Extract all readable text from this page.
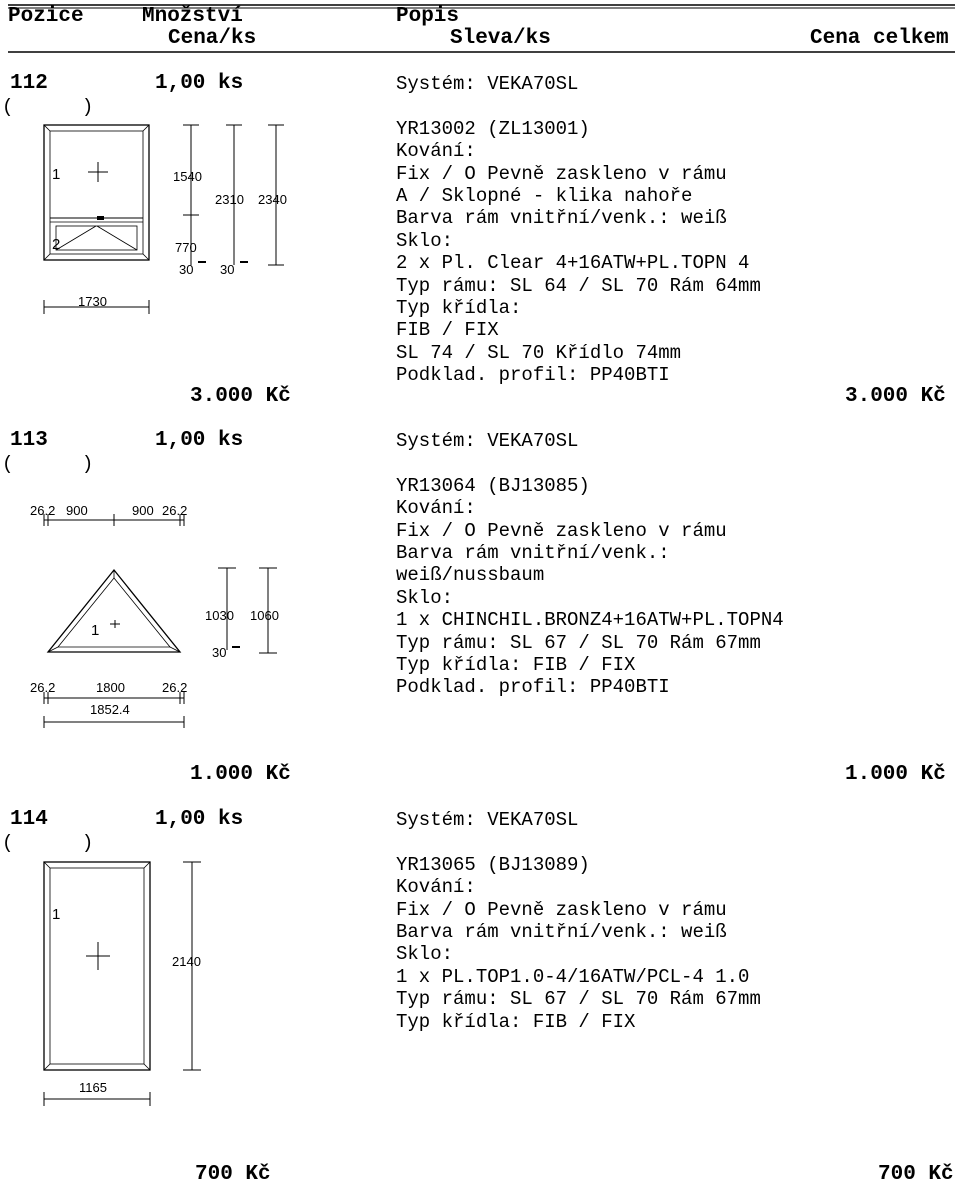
Pozice	Množství	Popis
Cena/ks	Sleva/ks	Cena celkem
112	1,00 ks
(      )
Systém: VEKA70SL

YR13002 (ZL13001)
Kování:
Fix / O Pevně zaskleno v rámu
A / Sklopné - klika nahoře
Barva rám vnitřní/venk.: weiß
Sklo:
2 x Pl. Clear 4+16ATW+PL.TOPN 4
Typ rámu: SL 64 / SL 70 Rám 64mm
Typ křídla:
FIB / FIX
SL 74 / SL 70 Křídlo 74mm
Podklad. profil: PP40BTI
3.000 Kč	3.000 Kč
1
2
1540
770
30 30
2310 2340
1730
113	1,00 ks
(      )
Systém: VEKA70SL

YR13064 (BJ13085)
Kování:
Fix / O Pevně zaskleno v rámu
Barva rám vnitřní/venk.:
weiß/nussbaum
Sklo:
1 x CHINCHIL.BRONZ4+16ATW+PL.TOPN4
Typ rámu: SL 67 / SL 70 Rám 67mm
Typ křídla: FIB / FIX
Podklad. profil: PP40BTI
1.000 Kč	1.000 Kč
26.2 900	900 26.2
1
26.2	1800	26.2
1852.4
1030 1060
30
114	1,00 ks
(      )
Systém: VEKA70SL

YR13065 (BJ13089)
Kování:
Fix / O Pevně zaskleno v rámu
Barva rám vnitřní/venk.: weiß
Sklo:
1 x PL.TOP1.0-4/16ATW/PCL-4 1.0
Typ rámu: SL 67 / SL 70 Rám 67mm
Typ křídla: FIB / FIX
700 Kč	700 Kč
1
2140
1165
